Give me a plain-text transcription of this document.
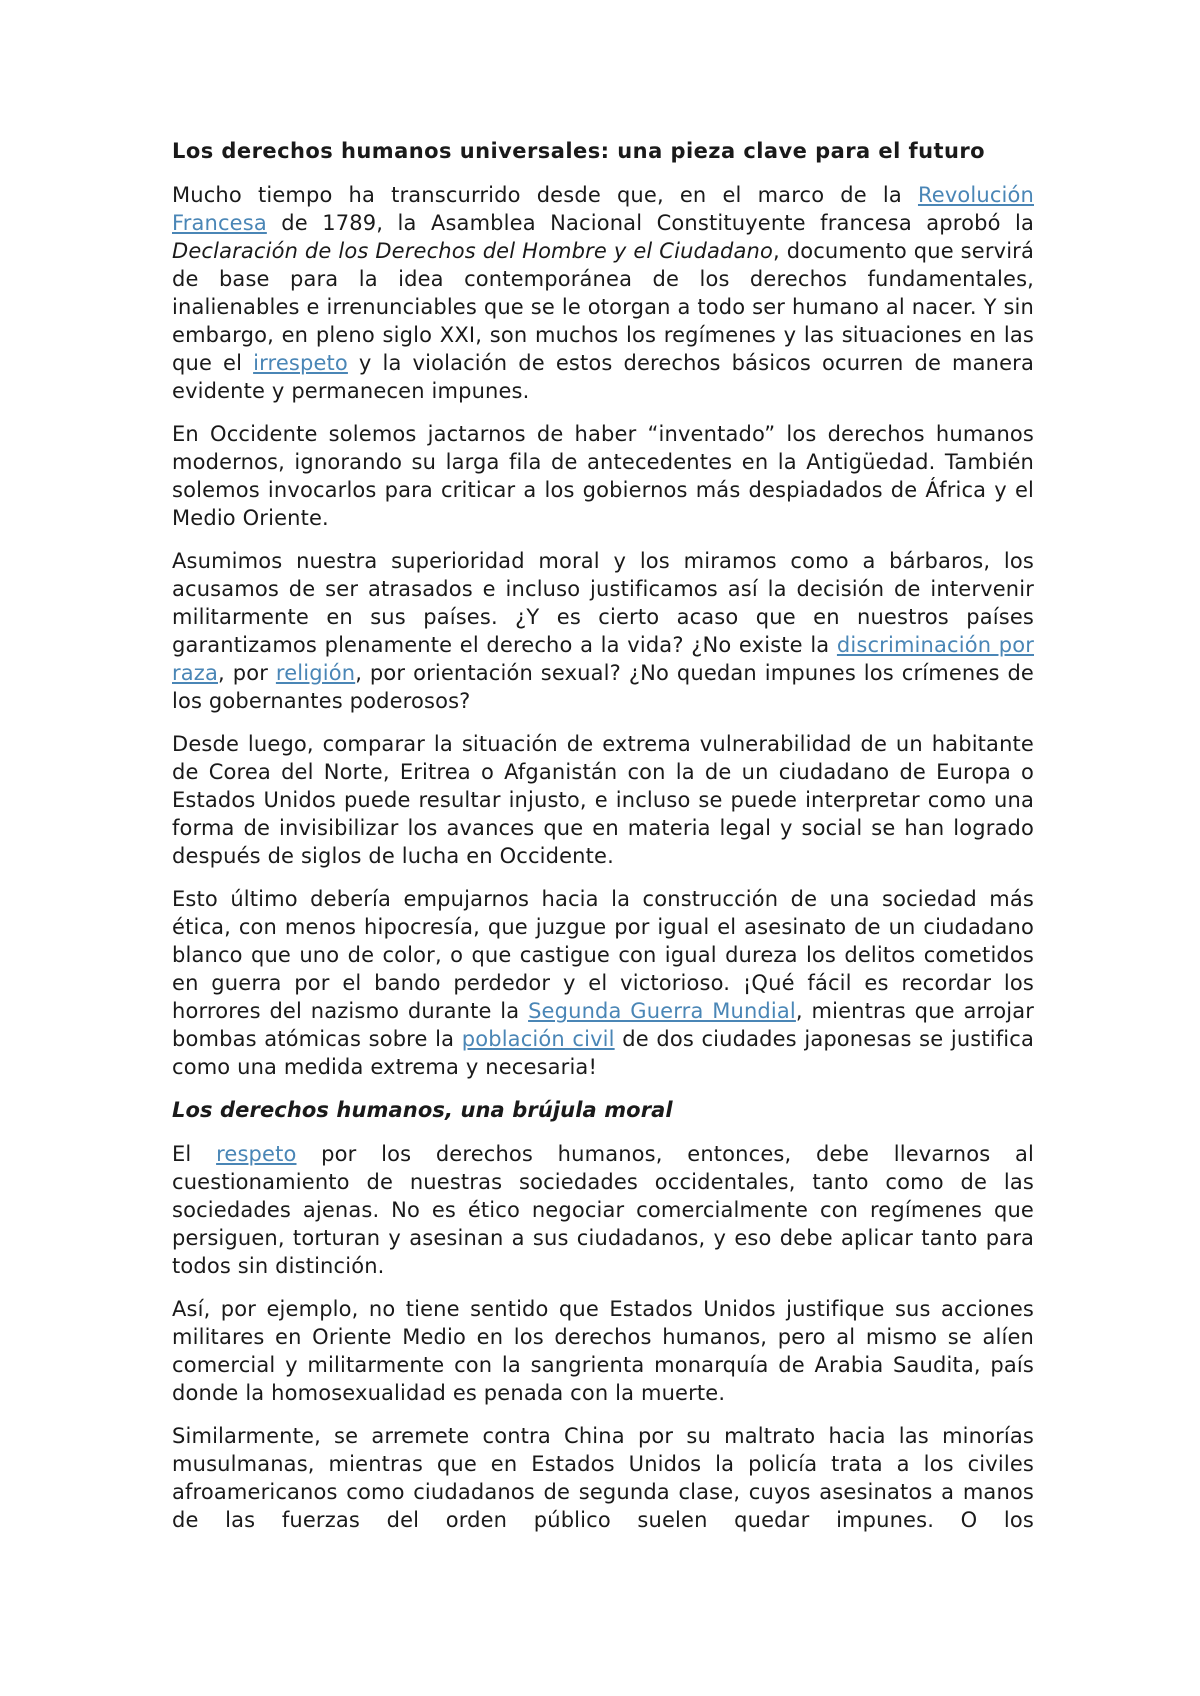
Los derechos humanos universales: una pieza clave para el futuro

Mucho tiempo ha transcurrido desde que, en el marco de la Revolución Francesa de 1789, la Asamblea Nacional Constituyente francesa aprobó la Declaración de los Derechos del Hombre y el Ciudadano, documento que servirá de base para la idea contemporánea de los derechos fundamentales, inalienables e irrenunciables que se le otorgan a todo ser humano al nacer. Y sin embargo, en pleno siglo XXI, son muchos los regímenes y las situaciones en las que el irrespeto y la violación de estos derechos básicos ocurren de manera evidente y permanecen impunes.

En Occidente solemos jactarnos de haber “inventado” los derechos humanos modernos, ignorando su larga fila de antecedentes en la Antigüedad. También solemos invocarlos para criticar a los gobiernos más despiadados de África y el Medio Oriente.

Asumimos nuestra superioridad moral y los miramos como a bárbaros, los acusamos de ser atrasados e incluso justificamos así la decisión de intervenir militarmente en sus países. ¿Y es cierto acaso que en nuestros países garantizamos plenamente el derecho a la vida? ¿No existe la discriminación por raza, por religión, por orientación sexual? ¿No quedan impunes los crímenes de los gobernantes poderosos?

Desde luego, comparar la situación de extrema vulnerabilidad de un habitante de Corea del Norte, Eritrea o Afganistán con la de un ciudadano de Europa o Estados Unidos puede resultar injusto, e incluso se puede interpretar como una forma de invisibilizar los avances que en materia legal y social se han logrado después de siglos de lucha en Occidente.

Esto último debería empujarnos hacia la construcción de una sociedad más ética, con menos hipocresía, que juzgue por igual el asesinato de un ciudadano blanco que uno de color, o que castigue con igual dureza los delitos cometidos en guerra por el bando perdedor y el victorioso. ¡Qué fácil es recordar los horrores del nazismo durante la Segunda Guerra Mundial, mientras que arrojar bombas atómicas sobre la población civil de dos ciudades japonesas se justifica como una medida extrema y necesaria!

Los derechos humanos, una brújula moral

El respeto por los derechos humanos, entonces, debe llevarnos al cuestionamiento de nuestras sociedades occidentales, tanto como de las sociedades ajenas. No es ético negociar comercialmente con regímenes que persiguen, torturan y asesinan a sus ciudadanos, y eso debe aplicar tanto para todos sin distinción.

Así, por ejemplo, no tiene sentido que Estados Unidos justifique sus acciones militares en Oriente Medio en los derechos humanos, pero al mismo se alíen comercial y militarmente con la sangrienta monarquía de Arabia Saudita, país donde la homosexualidad es penada con la muerte.

Similarmente, se arremete contra China por su maltrato hacia las minorías musulmanas, mientras que en Estados Unidos la policía trata a los civiles afroamericanos como ciudadanos de segunda clase, cuyos asesinatos a manos de las fuerzas del orden público suelen quedar impunes. O los
